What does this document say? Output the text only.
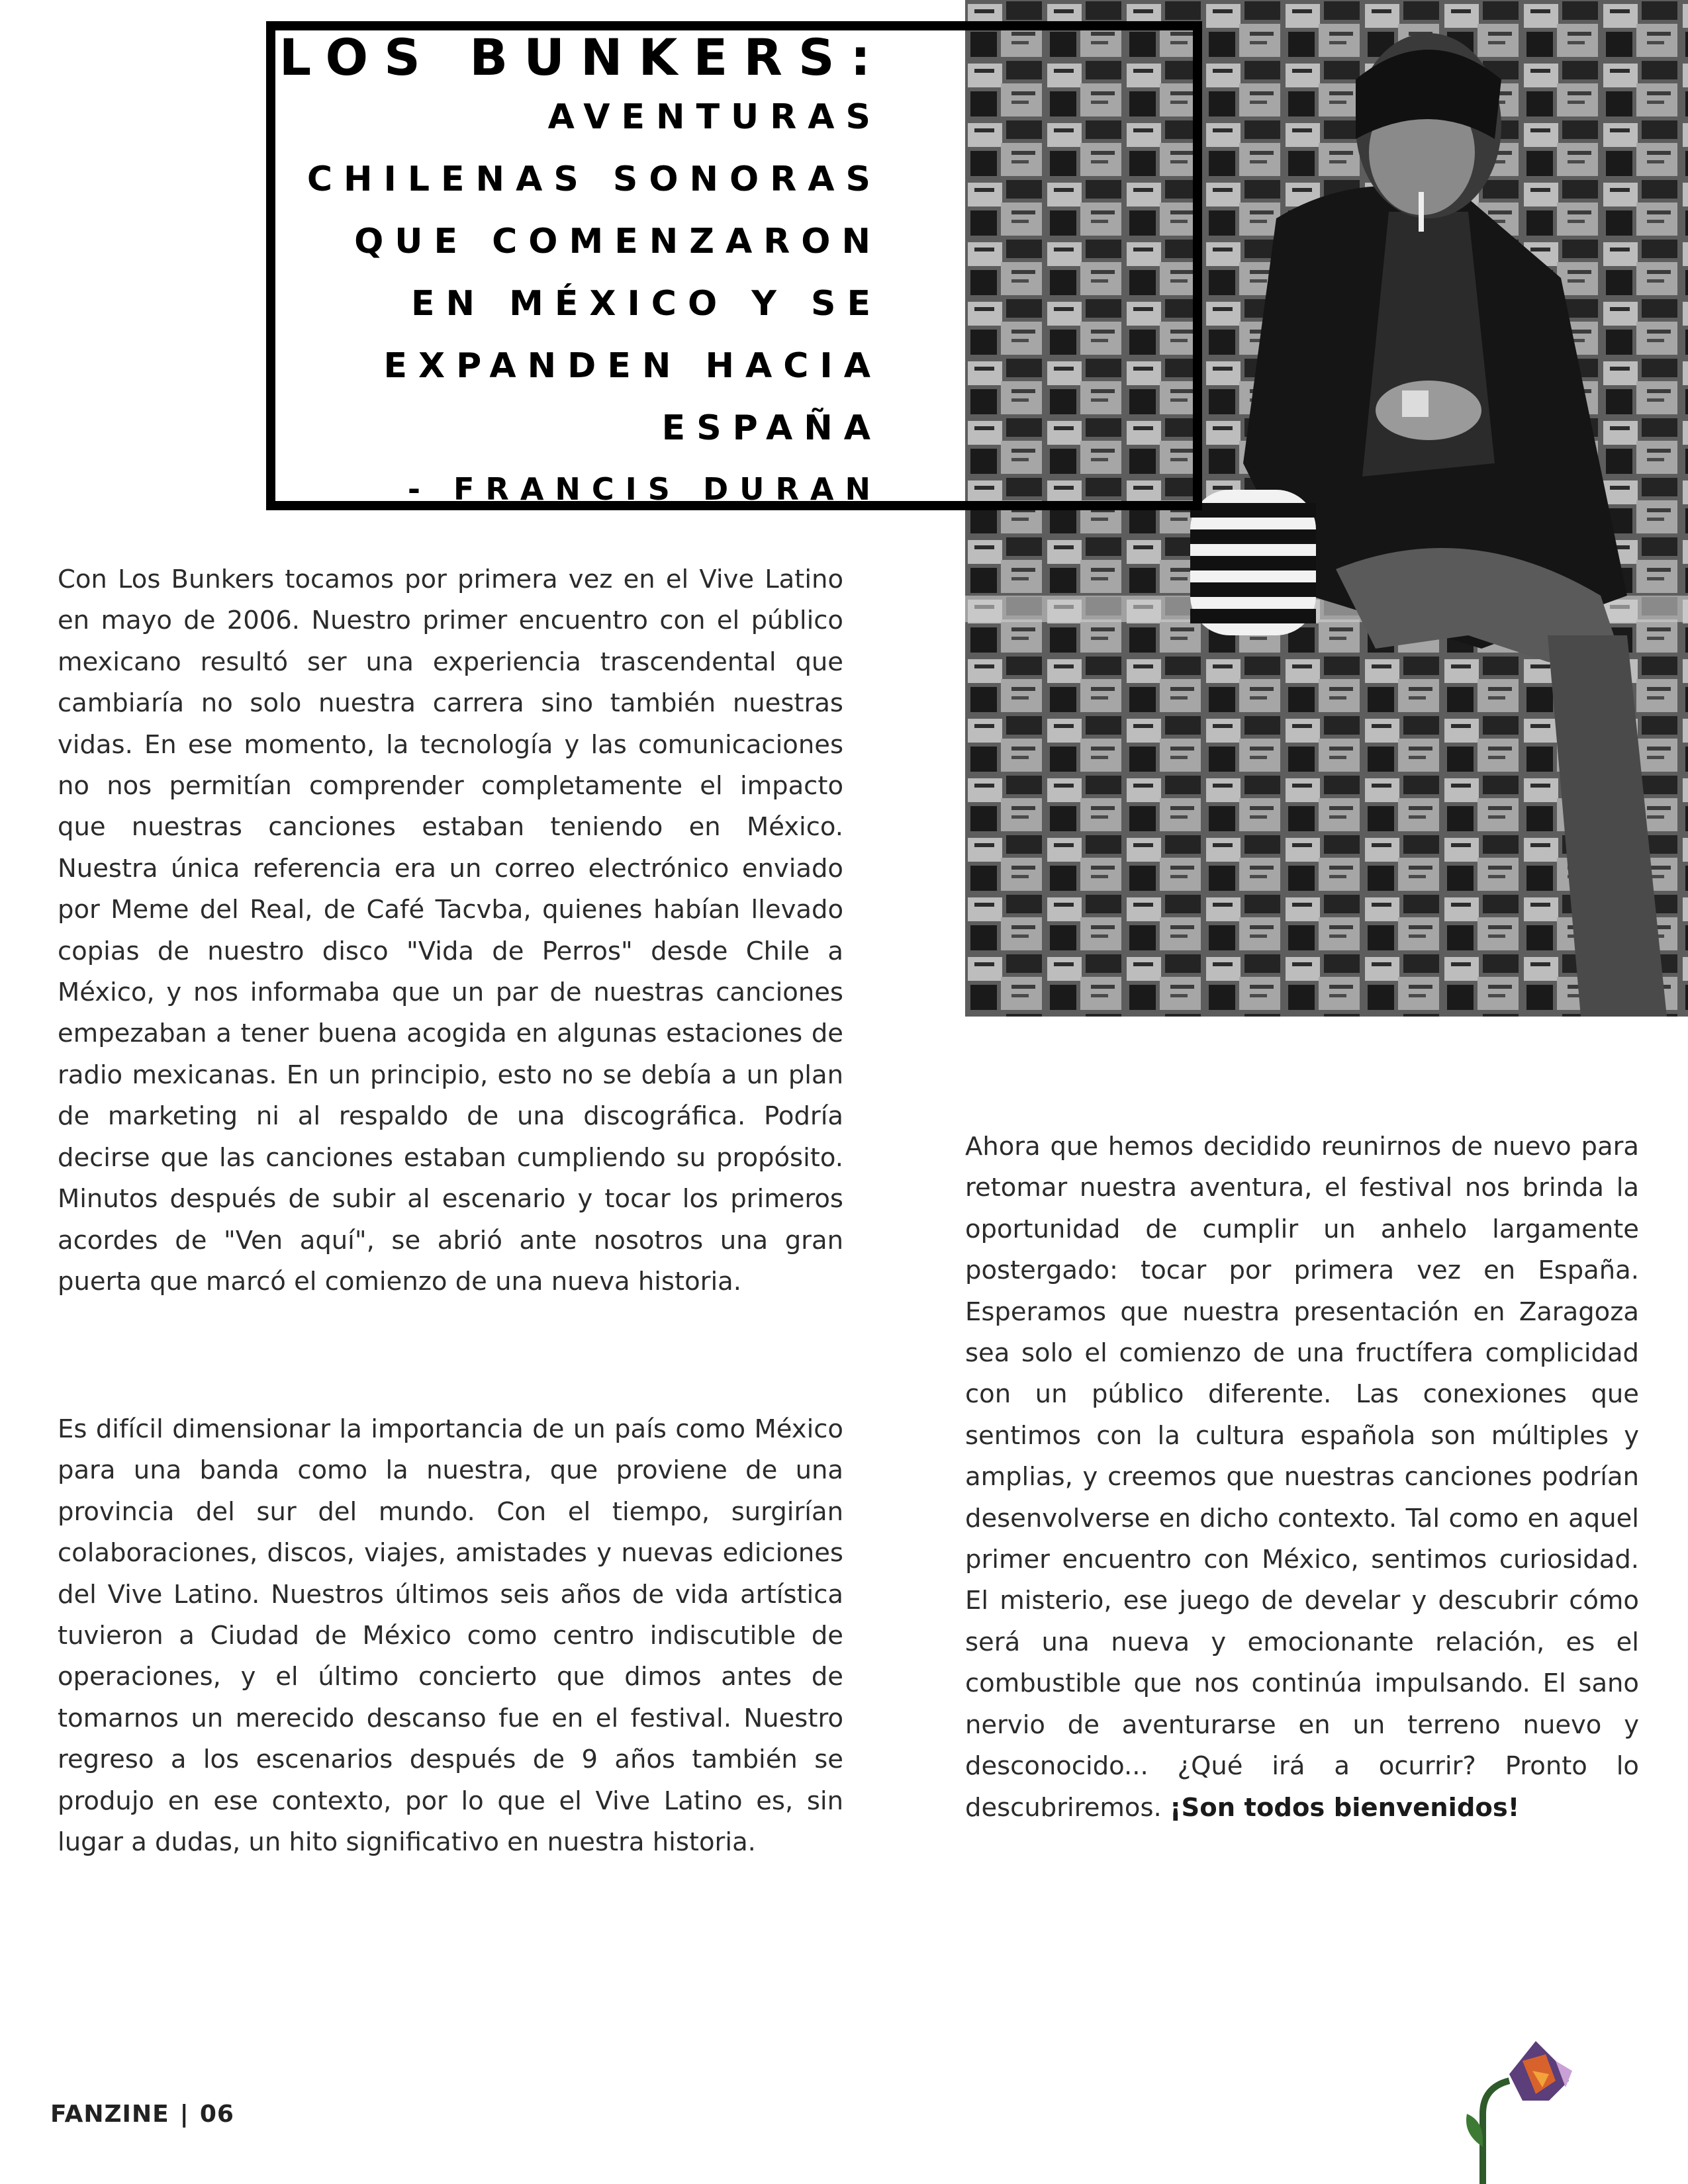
LOS BUNKERS:
AVENTURAS
CHILENAS SONORAS
QUE COMENZARON
EN MÉXICO Y SE
EXPANDEN HACIA
ESPAÑA
- FRANCIS DURAN

Con Los Bunkers tocamos por primera vez en el Vive Latino en mayo de 2006. Nuestro primer encuentro con el público mexicano resultó ser una experiencia trascendental que cambiaría no solo nuestra carrera sino también nuestras vidas. En ese momento, la tecnología y las comunicaciones no nos permitían comprender completamente el impacto que nuestras canciones estaban teniendo en México. Nuestra única referencia era un correo electrónico enviado por Meme del Real, de Café Tacvba, quienes habían llevado copias de nuestro disco "Vida de Perros" desde Chile a México, y nos informaba que un par de nuestras canciones empezaban a tener buena acogida en algunas estaciones de radio mexicanas. En un principio, esto no se debía a un plan de marketing ni al respaldo de una discográfica. Podría decirse que las canciones estaban cumpliendo su propósito. Minutos después de subir al escenario y tocar los primeros acordes de "Ven aquí", se abrió ante nosotros una gran puerta que marcó el comienzo de una nueva historia.

Es difícil dimensionar la importancia de un país como México para una banda como la nuestra, que proviene de una provincia del sur del mundo. Con el tiempo, surgirían colaboraciones, discos, viajes, amistades y nuevas ediciones del Vive Latino. Nuestros últimos seis años de vida artística tuvieron a Ciudad de México como centro indiscutible de operaciones, y el último concierto que dimos antes de tomarnos un merecido descanso fue en el festival. Nuestro regreso a los escenarios después de 9 años también se produjo en ese contexto, por lo que el Vive Latino es, sin lugar a dudas, un hito significativo en nuestra historia.

Ahora que hemos decidido reunirnos de nuevo para retomar nuestra aventura, el festival nos brinda la oportunidad de cumplir un anhelo largamente postergado: tocar por primera vez en España. Esperamos que nuestra presentación en Zaragoza sea solo el comienzo de una fructífera complicidad con un público diferente. Las conexiones que sentimos con la cultura española son múltiples y amplias, y creemos que nuestras canciones podrían desenvolverse en dicho contexto. Tal como en aquel primer encuentro con México, sentimos curiosidad. El misterio, ese juego de develar y descubrir cómo será una nueva y emocionante relación, es el combustible que nos continúa impulsando. El sano nervio de aventurarse en un terreno nuevo y desconocido... ¿Qué irá a ocurrir? Pronto lo descubriremos. ¡Son todos bienvenidos!

FANZINE | 06
